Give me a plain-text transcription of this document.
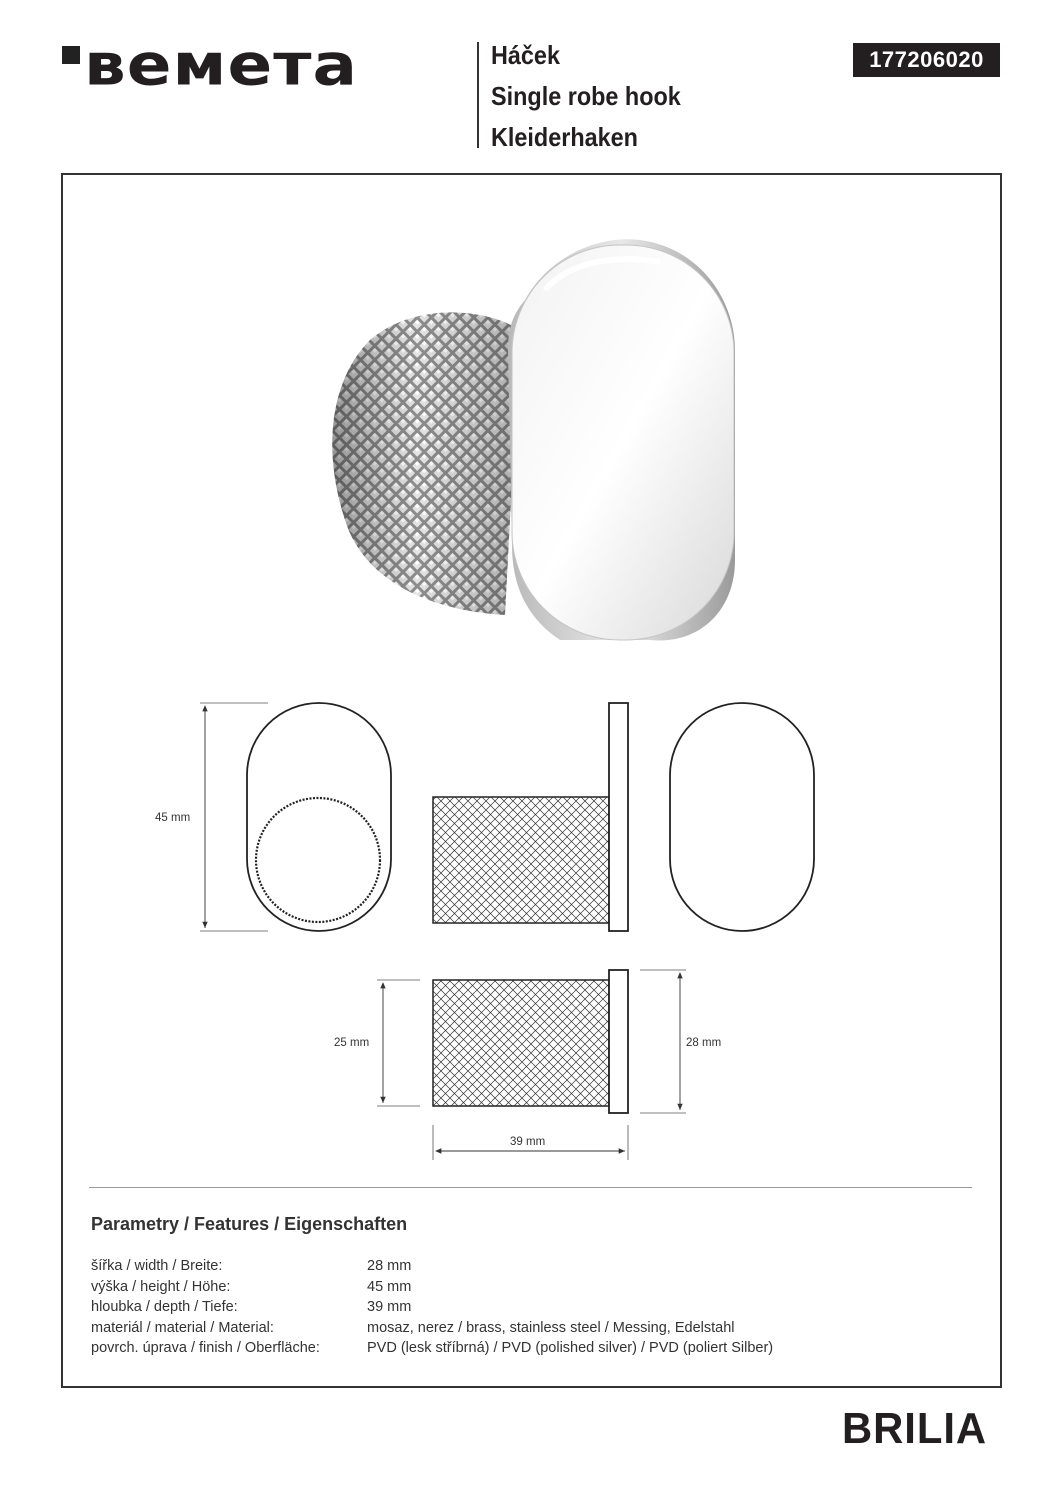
ʙeмeтa	Háček
Single robe hook
Kleiderhaken
177206020
45 mm
25 mm	28 mm
39 mm
Parametry / Features / Eigenschaften
šířka / width / Breite:	28 mm
výška / height / Höhe:	45 mm
hloubka / depth / Tiefe:	39 mm
materiál / material / Material:	mosaz, nerez / brass, stainless steel / Messing, Edelstahl
povrch. úprava / finish / Oberfläche:	PVD (lesk stříbrná) / PVD (polished silver) / PVD (poliert Silber)
BRILIA
